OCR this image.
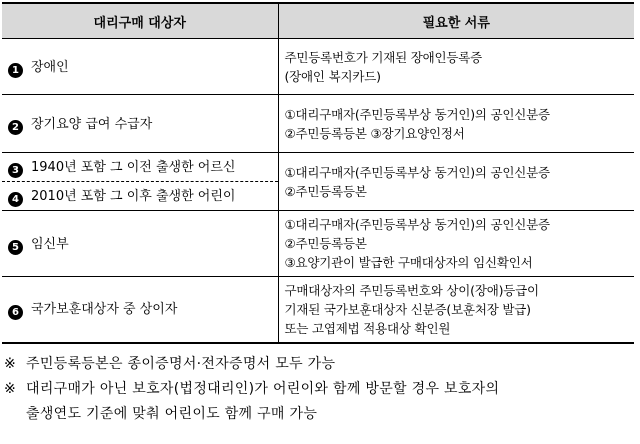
대리구매 대상자	필요한 서류
1 장애인	주민등록번호가 기재된 장애인등록증
(장애인 복지카드)

2 장기요양 급여 수급자	①대리구매자(주민등록부상 동거인)의 공인신분증
②주민등록등본 ③장기요양인정서

3 1940년 포함 그 이전 출생한 어르신	①대리구매자(주민등록부상 동거인)의 공인신분증
②주민등록등본

4 2010년 포함 그 이후 출생한 어린이	
5 임신부	①대리구매자(주민등록부상 동거인)의 공인신분증
②주민등록등본
③요양기관이 발급한 구매대상자의 임신확인서

6 국가보훈대상자 중 상이자	구매대상자의 주민등록번호와 상이(장애)등급이
기재된 국가보훈대상자 신분증(보훈처장 발급)
또는 고엽제법 적용대상 확인원
※ 주민등록등본은 종이증명서·전자증명서 모두 가능
※ 대리구매가 아닌 보호자(법정대리인)가 어린이와 함께 방문할 경우 보호자의
출생연도 기준에 맞춰 어린이도 함께 구매 가능
